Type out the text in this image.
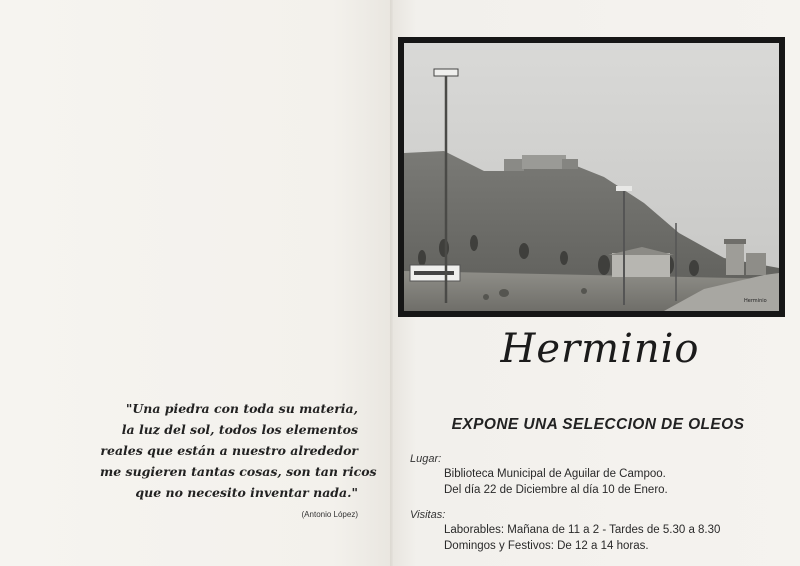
"Una piedra con toda su materia,
la luz del sol, todos los elementos
reales que están a nuestro alrededor
me sugieren tantas cosas, son tan ricos
que no necesito inventar nada."
(Antonio López)
Herminio
Herminio
EXPONE UNA SELECCION DE OLEOS
Lugar:
Biblioteca Municipal de Aguilar de Campoo.
Del día 22 de Diciembre al día 10 de Enero.
Visitas:
Laborables: Mañana de 11 a 2 - Tardes de 5.30 a 8.30
Domingos y Festivos: De 12 a 14 horas.
